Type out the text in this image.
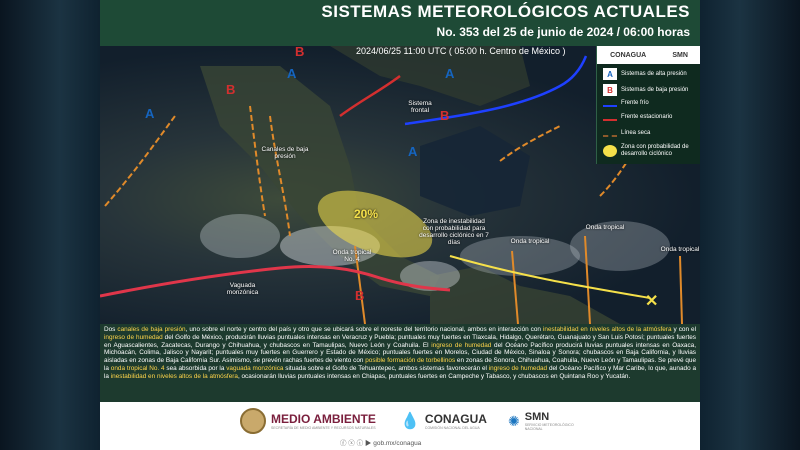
SISTEMAS METEOROLÓGICOS ACTUALES
No. 353 del 25 de junio de 2024 / 06:00 horas
✕
2024/06/25 11:00 UTC ( 05:00 h. Centro de México )
B
B
B
B
A
A
A
A
Sistema frontal
Canales de baja presión
Zona de inestabilidad con probabilidad para desarrollo ciclónico en 7 días
20%
Onda tropical No. 4
Onda tropical
Onda tropical
Onda tropical
Vaguada monzónica
CONAGUA	SMN
A	Sistemas de alta presión
B	Sistemas de baja presión
Frente frío
Frente estacionario
Línea seca
Zona con probabilidad de desarrollo ciclónico
Dos canales de baja presión, uno sobre el norte y centro del país y otro que se ubicará sobre el noreste del territorio nacional, ambos en interacción con inestabilidad en niveles altos de la atmósfera y con el ingreso de humedad del Golfo de México, producirán lluvias puntuales intensas en Veracruz y Puebla; puntuales muy fuertes en Tlaxcala, Hidalgo, Querétaro, Guanajuato y San Luis Potosí; puntuales fuertes en Aguascalientes, Zacatecas, Durango y Chihuahua, y chubascos en Tamaulipas, Nuevo León y Coahuila. El ingreso de humedad del Océano Pacífico producirá lluvias puntuales intensas en Oaxaca, Michoacán, Colima, Jalisco y Nayarit; puntuales muy fuertes en Guerrero y Estado de México; puntuales fuertes en Morelos, Ciudad de México, Sinaloa y Sonora; chubascos en Baja California, y lluvias aisladas en zonas de Baja California Sur. Asimismo, se prevén rachas fuertes de viento con posible formación de torbellinos en zonas de Sonora, Chihuahua, Coahuila, Nuevo León y Tamaulipas. Se prevé que la onda tropical No. 4 sea absorbida por la vaguada monzónica situada sobre el Golfo de Tehuantepec, ambos sistemas favorecerán el ingreso de humedad del Océano Pacífico y Mar Caribe, lo que, aunado a la inestabilidad en niveles altos de la atmósfera, ocasionarán lluvias puntuales intensas en Chiapas, puntuales fuertes en Campeche y Tabasco, y chubascos en Quintana Roo y Yucatán.
MEDIO AMBIENTE
SECRETARÍA DE MEDIO AMBIENTE Y RECURSOS NATURALES 💧 CONAGUA
COMISIÓN NACIONAL DEL AGUA	✺ SMN
SERVICIO METEOROLÓGICO NACIONAL
ⓕ ⓧ ⓘ ▶ gob.mx/conagua
